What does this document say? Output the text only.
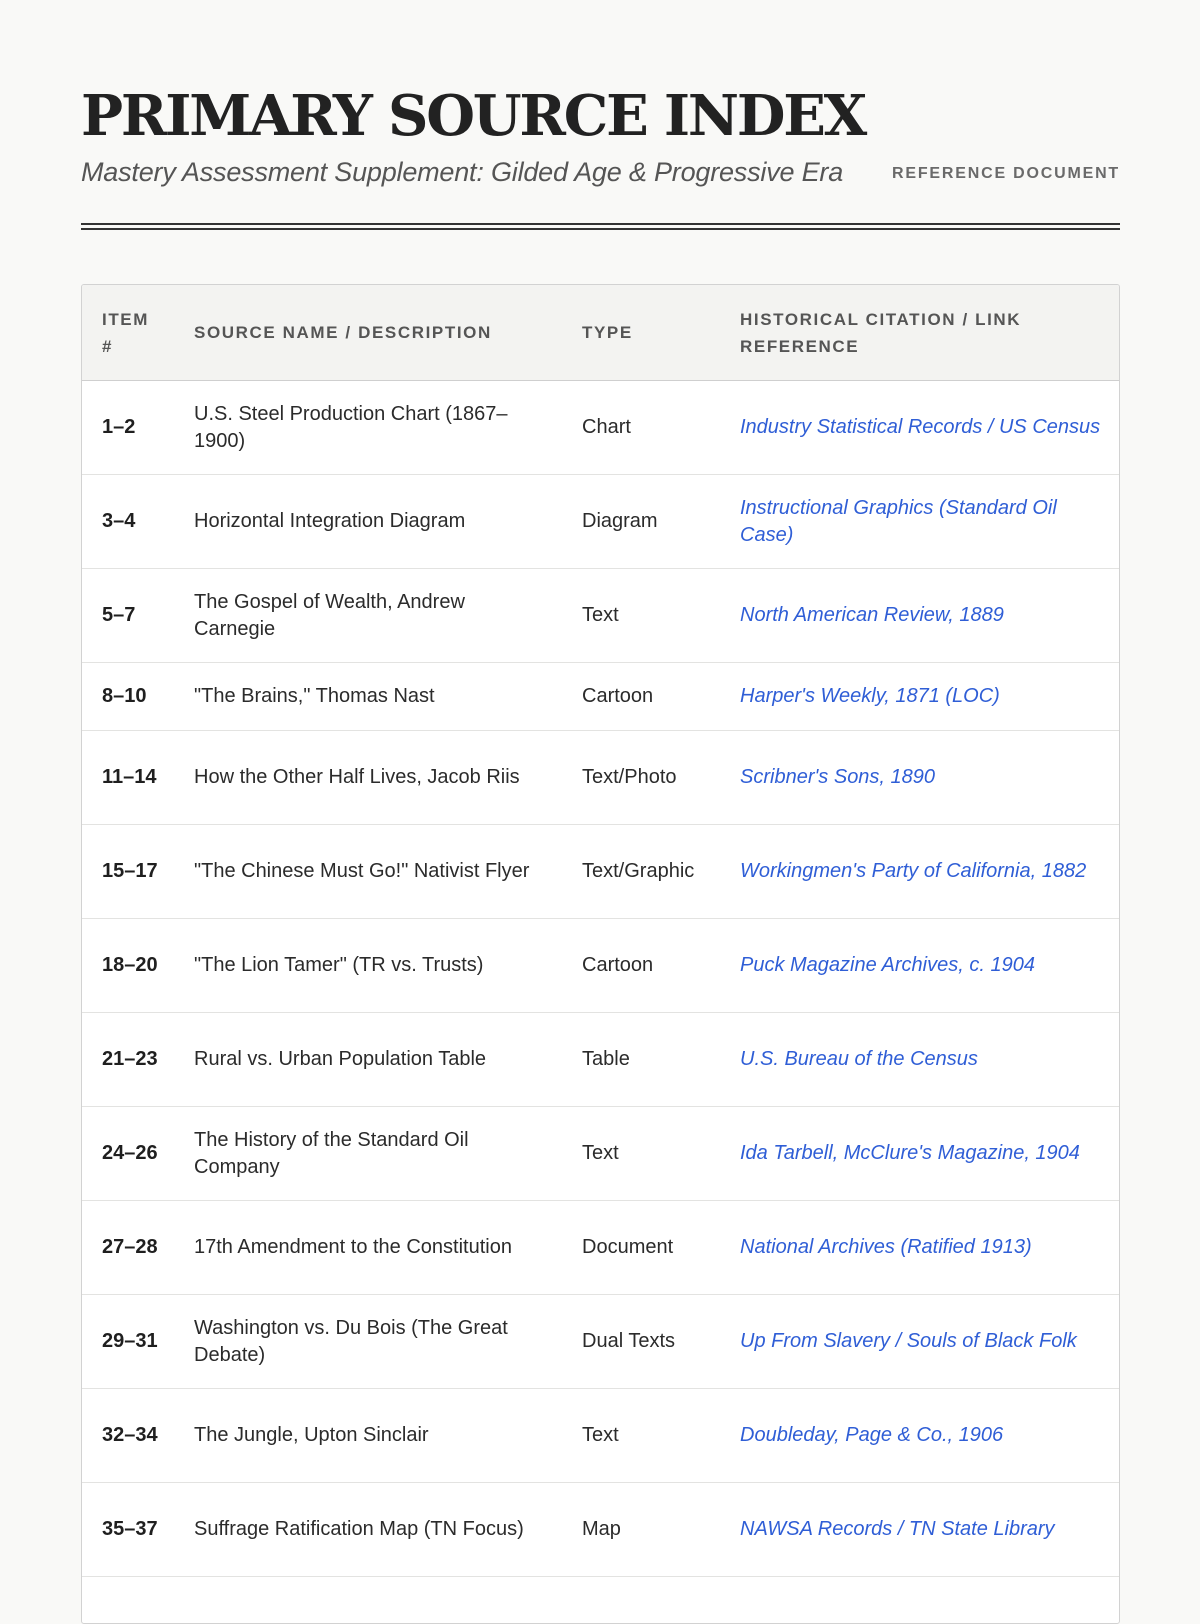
PRIMARY SOURCE INDEX
Mastery Assessment Supplement: Gilded Age & Progressive Era	REFERENCE DOCUMENT
ITEM #	SOURCE NAME / DESCRIPTION	TYPE	HISTORICAL CITATION / LINK REFERENCE
1–2	U.S. Steel Production Chart (1867–1900)	Chart	Industry Statistical Records / US Census
3–4	Horizontal Integration Diagram	Diagram	Instructional Graphics (Standard Oil Case)
5–7	The Gospel of Wealth, Andrew Carnegie	Text	North American Review, 1889
8–10	"The Brains," Thomas Nast	Cartoon	Harper's Weekly, 1871 (LOC)
11–14	How the Other Half Lives, Jacob Riis	Text/Photo	Scribner's Sons, 1890
15–17	"The Chinese Must Go!" Nativist Flyer	Text/Graphic	Workingmen's Party of California, 1882
18–20	"The Lion Tamer" (TR vs. Trusts)	Cartoon	Puck Magazine Archives, c. 1904
21–23	Rural vs. Urban Population Table	Table	U.S. Bureau of the Census
24–26	The History of the Standard Oil Company	Text	Ida Tarbell, McClure's Magazine, 1904
27–28	17th Amendment to the Constitution	Document	National Archives (Ratified 1913)
29–31	Washington vs. Du Bois (The Great Debate)	Dual Texts	Up From Slavery / Souls of Black Folk
32–34	The Jungle, Upton Sinclair	Text	Doubleday, Page & Co., 1906
35–37	Suffrage Ratification Map (TN Focus)	Map	NAWSA Records / TN State Library
